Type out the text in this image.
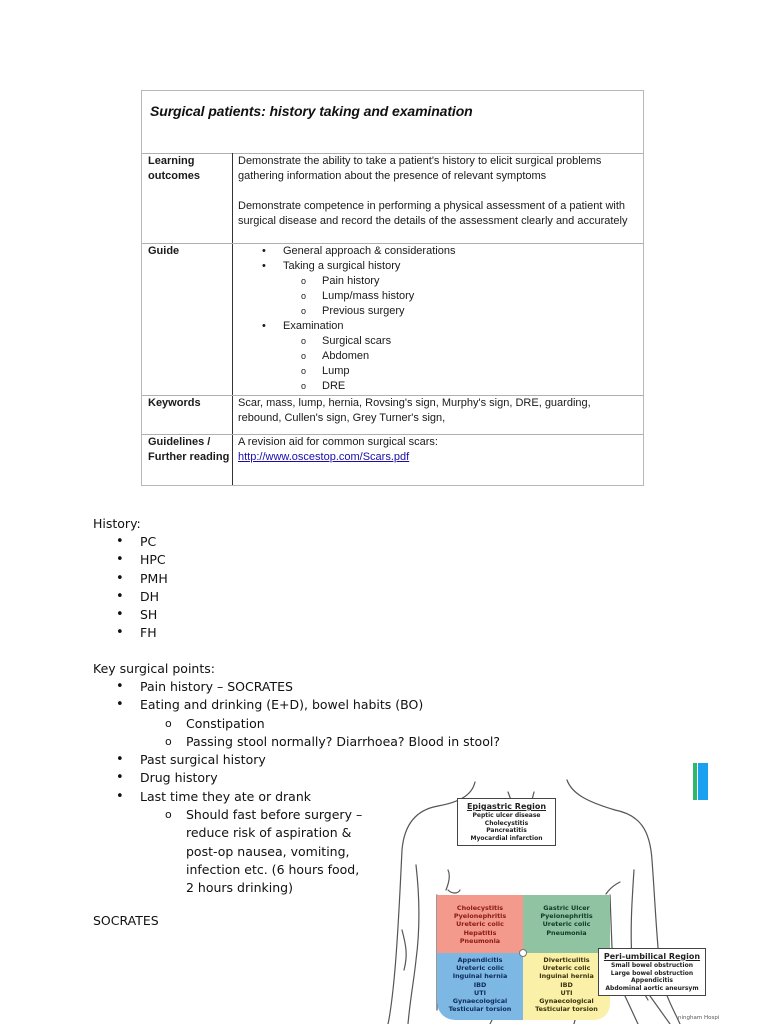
Surgical patients: history taking and examination
Learning outcomes

Demonstrate the ability to take a patient's history to elicit surgical problems gathering information about the presence of relevant symptoms

Demonstrate competence in performing a physical assessment of a patient with surgical disease and record the details of the assessment clearly and accurately

Guide	• General approach & considerations
• Taking a surgical history
o Pain history
o Lump/mass history
o Previous surgery
• Examination
o Surgical scars
o Abdomen
o Lump
o DRE
Keywords	Scar, mass, lump, hernia, Rovsing's sign, Murphy's sign, DRE, guarding, rebound, Cullen's sign, Grey Turner's sign,
Guidelines / Further reading
A revision aid for common surgical scars:
http://www.oscestop.com/Scars.pdf
History:
• PC
• HPC
• PMH
• DH
• SH
• FH
Key surgical points:
• Pain history – SOCRATES
• Eating and drinking (E+D), bowel habits (BO)
o Constipation
o Passing stool normally? Diarrhoea? Blood in stool?
• Past surgical history
• Drug history
• Last time they ate or drank
o Should fast before surgery – reduce risk of aspiration & post-op nausea, vomiting, infection etc. (6 hours food, 2 hours drinking)
SOCRATES
Epigastric Region
Peptic ulcer disease
Cholecystitis
Pancreatitis
Myocardial infarction
Cholecystitis
Pyelonephritis
Ureteric colic
Hepatitis
Pneumonia
Gastric Ulcer
Pyelonephritis
Ureteric colic
Pneumonia
Appendicitis
Ureteric colic
Inguinal hernia
IBD
UTI
Gynaecological
Testicular torsion
Diverticulitis
Ureteric colic
Inguinal hernia
IBD
UTI
Gynaecological
Testicular torsion
Peri-umbilical Region
Small bowel obstruction
Large bowel obstruction
Appendicitis
Abdominal aortic aneursym
ningham Hospi
